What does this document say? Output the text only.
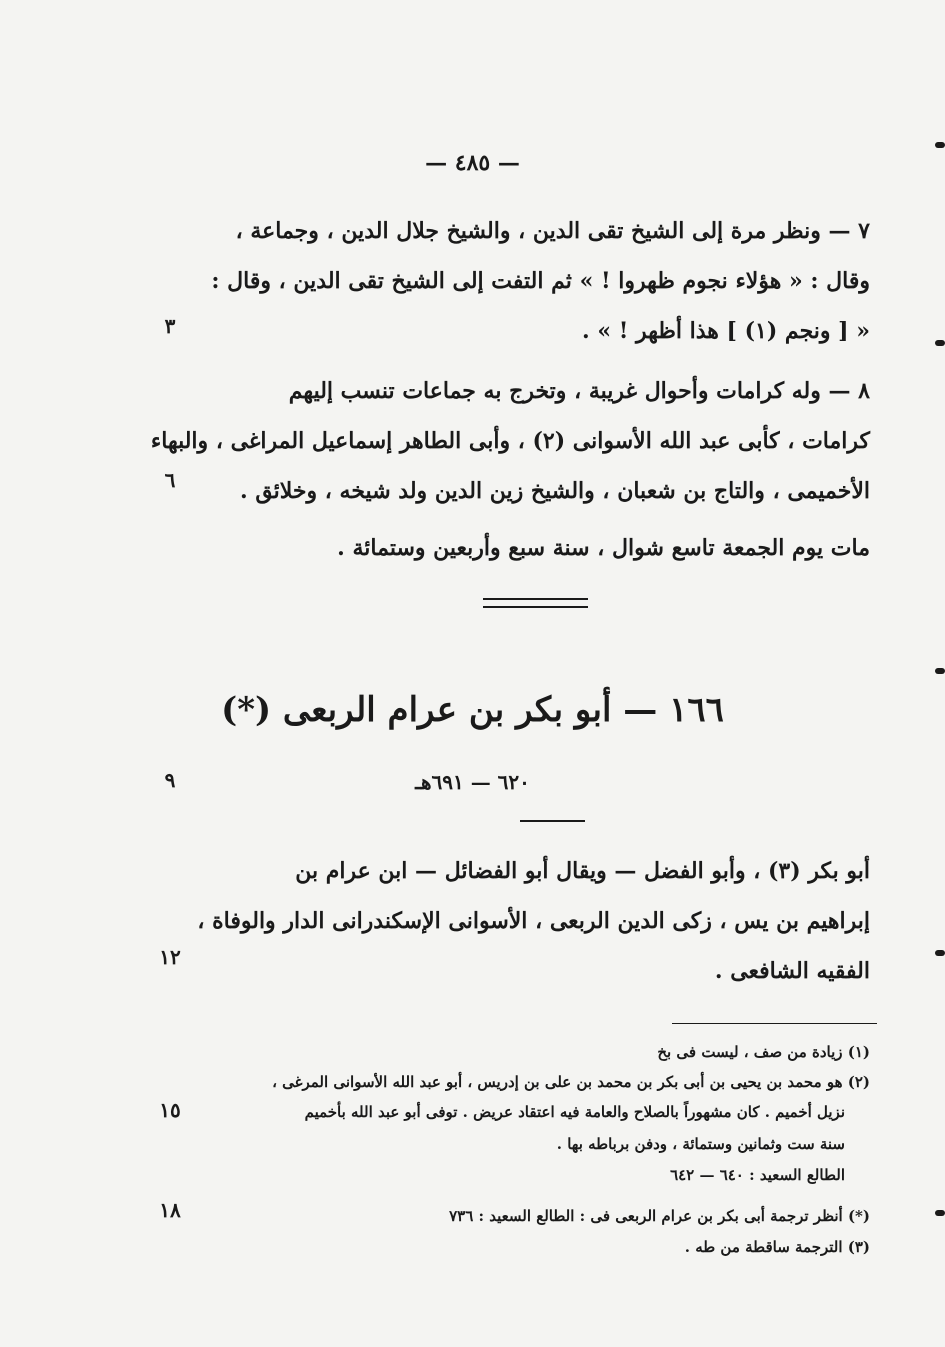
— ٤٨٥ —
٧ — ونظر مرة إلى الشيخ تقى الدين ، والشيخ جلال الدين ، وجماعة ،
وقال : « هؤلاء نجوم ظهروا ! » ثم التفت إلى الشيخ تقى الدين ، وقال :
« [ ونجم (١) ] هذا أظهر ! » .
٨ — وله كرامات وأحوال غريبة ، وتخرج به جماعات تنسب إليهم
كرامات ، كأبى عبد الله الأسوانى (٢) ، وأبى الطاهر إسماعيل المراغى ، والبهاء
الأخميمى ، والتاج بن شعبان ، والشيخ زين الدين ولد شيخه ، وخلائق .
مات يوم الجمعة تاسع شوال ، سنة سبع وأربعين وستمائة .
١٦٦ — أبو بكر بن عرام الربعى (*)
٦٢٠ — ٦٩١هـ
أبو بكر (٣) ، وأبو الفضل — ويقال أبو الفضائل — ابن عرام بن
إبراهيم بن يس ، زكى الدين الربعى ، الأسوانى الإسكندرانى الدار والوفاة ،
الفقيه الشافعى .
٣
٦
٩
١٢
١٥
١٨
(١) زيادة من صف ، ليست فى بخ
(٢) هو محمد بن يحيى بن أبى بكر بن محمد بن على بن إدريس ، أبو عبد الله الأسوانى المرغى ،
نزيل أخميم . كان مشهوراً بالصلاح والعامة فيه اعتقاد عريض . توفى أبو عبد الله بأخميم
سنة ست وثمانين وستمائة ، ودفن برباطه بها .
الطالع السعيد : ٦٤٠ — ٦٤٢
(*) أنظر ترجمة أبى بكر بن عرام الربعى فى : الطالع السعيد : ٧٣٦
(٣) الترجمة ساقطة من طه .
